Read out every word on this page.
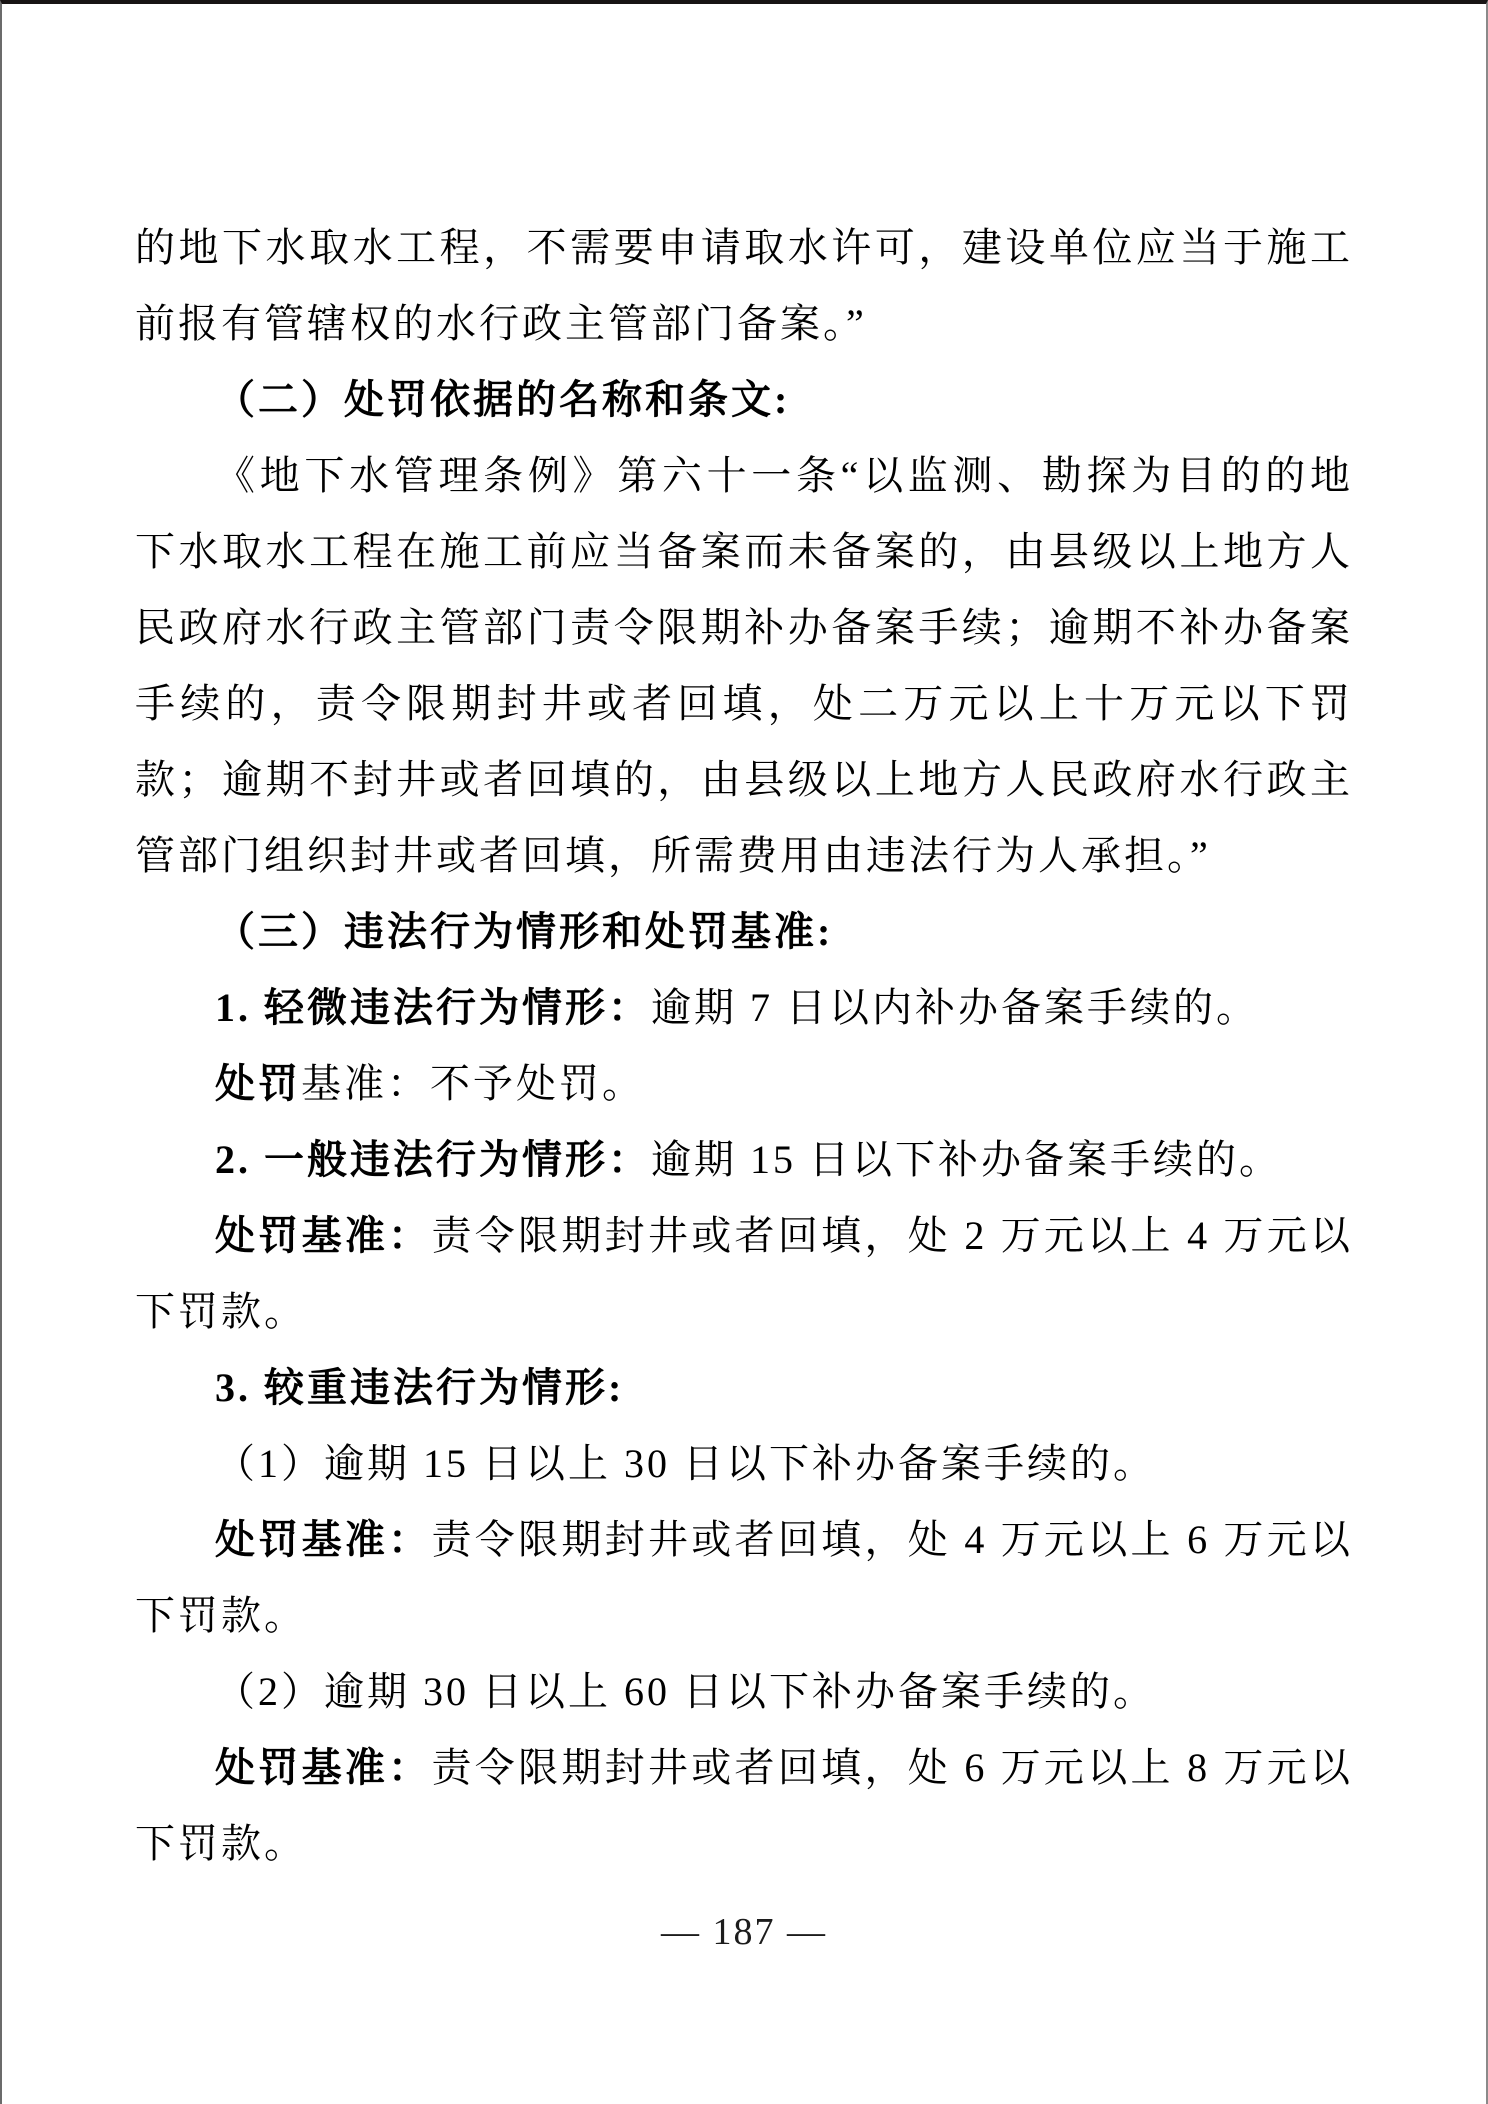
的地下水取水工程，不需要申请取水许可，建设单位应当于施工前报有管辖权的水行政主管部门备案。”

（二）处罚依据的名称和条文:

《地下水管理条例》第六十一条“以监测、勘探为目的的地下水取水工程在施工前应当备案而未备案的，由县级以上地方人民政府水行政主管部门责令限期补办备案手续；逾期不补办备案手续的，责令限期封井或者回填，处二万元以上十万元以下罚款；逾期不封井或者回填的，由县级以上地方人民政府水行政主管部门组织封井或者回填，所需费用由违法行为人承担。”

（三）违法行为情形和处罚基准:

1. 轻微违法行为情形：逾期 7 日以内补办备案手续的。

处罚基准：不予处罚。

2. 一般违法行为情形：逾期 15 日以下补办备案手续的。

处罚基准：责令限期封井或者回填，处 2 万元以上 4 万元以下罚款。

3. 较重违法行为情形:

（1）逾期 15 日以上 30 日以下补办备案手续的。

处罚基准：责令限期封井或者回填，处 4 万元以上 6 万元以下罚款。

（2）逾期 30 日以上 60 日以下补办备案手续的。

处罚基准：责令限期封井或者回填，处 6 万元以上 8 万元以下罚款。

— 187 —
